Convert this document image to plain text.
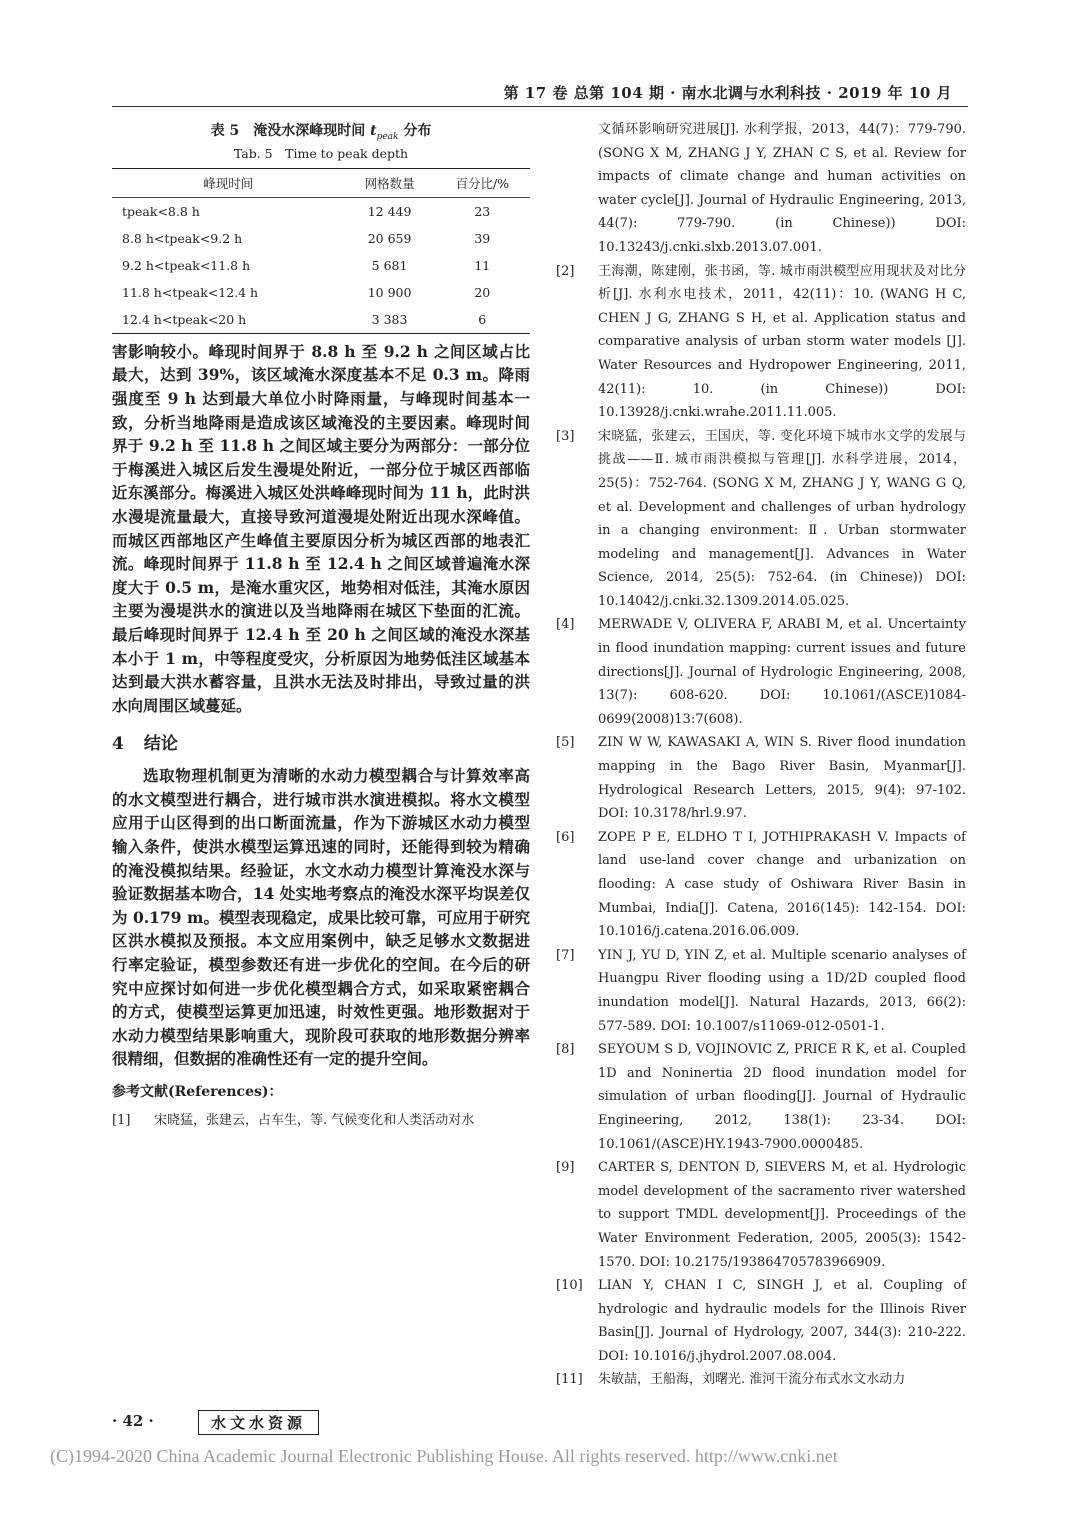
第 17 卷 总第 104 期 · 南水北调与水利科技 · 2019 年 10 月
表 5　淹没水深峰现时间 $t_{peak}$ 分布
Tab. 5　Time to peak depth
峰现时间	网格数量	百分比/%
tpeak<8.8 h	12 449	23
8.8 h<tpeak<9.2 h	20 659	39
9.2 h<tpeak<11.8 h	5 681	11
11.8 h<tpeak<12.4 h	10 900	20
12.4 h<tpeak<20 h	3 383	6

害影响较小。峰现时间界于 8.8 h 至 9.2 h 之间区域占比最大，达到 39%，该区域淹水深度基本不足 0.3 m。降雨强度至 9 h 达到最大单位小时降雨量，与峰现时间基本一致，分析当地降雨是造成该区域淹没的主要因素。峰现时间界于 9.2 h 至 11.8 h 之间区域主要分为两部分：一部分位于梅溪进入城区后发生漫堤处附近，一部分位于城区西部临近东溪部分。梅溪进入城区处洪峰峰现时间为 11 h，此时洪水漫堤流量最大，直接导致河道漫堤处附近出现水深峰值。而城区西部地区产生峰值主要原因分析为城区西部的地表汇流。峰现时间界于 11.8 h 至 12.4 h 之间区域普遍淹水深度大于 0.5 m，是淹水重灾区，地势相对低洼，其淹水原因主要为漫堤洪水的演进以及当地降雨在城区下垫面的汇流。最后峰现时间界于 12.4 h 至 20 h 之间区域的淹没水深基本小于 1 m，中等程度受灾，分析原因为地势低洼区域基本达到最大洪水蓄容量，且洪水无法及时排出，导致过量的洪水向周围区域蔓延。

4 结论

选取物理机制更为清晰的水动力模型耦合与计算效率高的水文模型进行耦合，进行城市洪水演进模拟。将水文模型应用于山区得到的出口断面流量，作为下游城区水动力模型输入条件，使洪水模型运算迅速的同时，还能得到较为精确的淹没模拟结果。经验证，水文水动力模型计算淹没水深与验证数据基本吻合，14 处实地考察点的淹没水深平均误差仅为 0.179 m。模型表现稳定，成果比较可靠，可应用于研究区洪水模拟及预报。本文应用案例中，缺乏足够水文数据进行率定验证，模型参数还有进一步优化的空间。在今后的研究中应探讨如何进一步优化模型耦合方式，如采取紧密耦合的方式，使模型运算更加迅速，时效性更强。地形数据对于水动力模型结果影响重大，现阶段可获取的地形数据分辨率很精细，但数据的准确性还有一定的提升空间。

参考文献(References)：
[1]	宋晓猛，张建云，占车生，等. 气候变化和人类活动对水
文循环影响研究进展[J]. 水利学报，2013，44(7)：779-790. (SONG X M, ZHANG J Y, ZHAN C S, et al. Review for impacts of climate change and human activities on water cycle[J]. Journal of Hydraulic Engineering, 2013, 44(7): 779-790. (in Chinese)) DOI: 10.13243/j.cnki.slxb.2013.07.001.
[2]	王海潮，陈建刚，张书函，等. 城市雨洪模型应用现状及对比分析[J]. 水利水电技术，2011，42(11)：10. (WANG H C, CHEN J G, ZHANG S H, et al. Application status and comparative analysis of urban storm water models [J]. Water Resources and Hydropower Engineering, 2011, 42(11): 10. (in Chinese)) DOI: 10.13928/j.cnki.wrahe.2011.11.005.
[3]	宋晓猛，张建云，王国庆，等. 变化环境下城市水文学的发展与挑战——Ⅱ. 城市雨洪模拟与管理[J]. 水科学进展，2014，25(5)：752-764. (SONG X M, ZHANG J Y, WANG G Q, et al. Development and challenges of urban hydrology in a changing environment: Ⅱ. Urban stormwater modeling and management[J]. Advances in Water Science, 2014, 25(5): 752-64. (in Chinese)) DOI: 10.14042/j.cnki.32.1309.2014.05.025.
[4]	MERWADE V, OLIVERA F, ARABI M, et al. Uncertainty in flood inundation mapping: current issues and future directions[J]. Journal of Hydrologic Engineering, 2008, 13(7): 608-620. DOI: 10.1061/(ASCE)1084-0699(2008)13:7(608).
[5]	ZIN W W, KAWASAKI A, WIN S. River flood inundation mapping in the Bago River Basin, Myanmar[J]. Hydrological Research Letters, 2015, 9(4): 97-102. DOI: 10.3178/hrl.9.97.
[6]	ZOPE P E, ELDHO T I, JOTHIPRAKASH V. Impacts of land use-land cover change and urbanization on flooding: A case study of Oshiwara River Basin in Mumbai, India[J]. Catena, 2016(145): 142-154. DOI: 10.1016/j.catena.2016.06.009.
[7]	YIN J, YU D, YIN Z, et al. Multiple scenario analyses of Huangpu River flooding using a 1D/2D coupled flood inundation model[J]. Natural Hazards, 2013, 66(2): 577-589. DOI: 10.1007/s11069-012-0501-1.
[8]	SEYOUM S D, VOJINOVIC Z, PRICE R K, et al. Coupled 1D and Noninertia 2D flood inundation model for simulation of urban flooding[J]. Journal of Hydraulic Engineering, 2012, 138(1): 23-34. DOI: 10.1061/(ASCE)HY.1943-7900.0000485.
[9]	CARTER S, DENTON D, SIEVERS M, et al. Hydrologic model development of the sacramento river watershed to support TMDL development[J]. Proceedings of the Water Environment Federation, 2005, 2005(3): 1542-1570. DOI: 10.2175/193864705783966909.
[10]	LIAN Y, CHAN I C, SINGH J, et al. Coupling of hydrologic and hydraulic models for the Illinois River Basin[J]. Journal of Hydrology, 2007, 344(3): 210-222. DOI: 10.1016/j.jhydrol.2007.08.004.
[11]	朱敏喆，王船海，刘曙光. 淮河干流分布式水文水动力
· 42 ·	水文水资源
(C)1994-2020 China Academic Journal Electronic Publishing House. All rights reserved. http://www.cnki.net
